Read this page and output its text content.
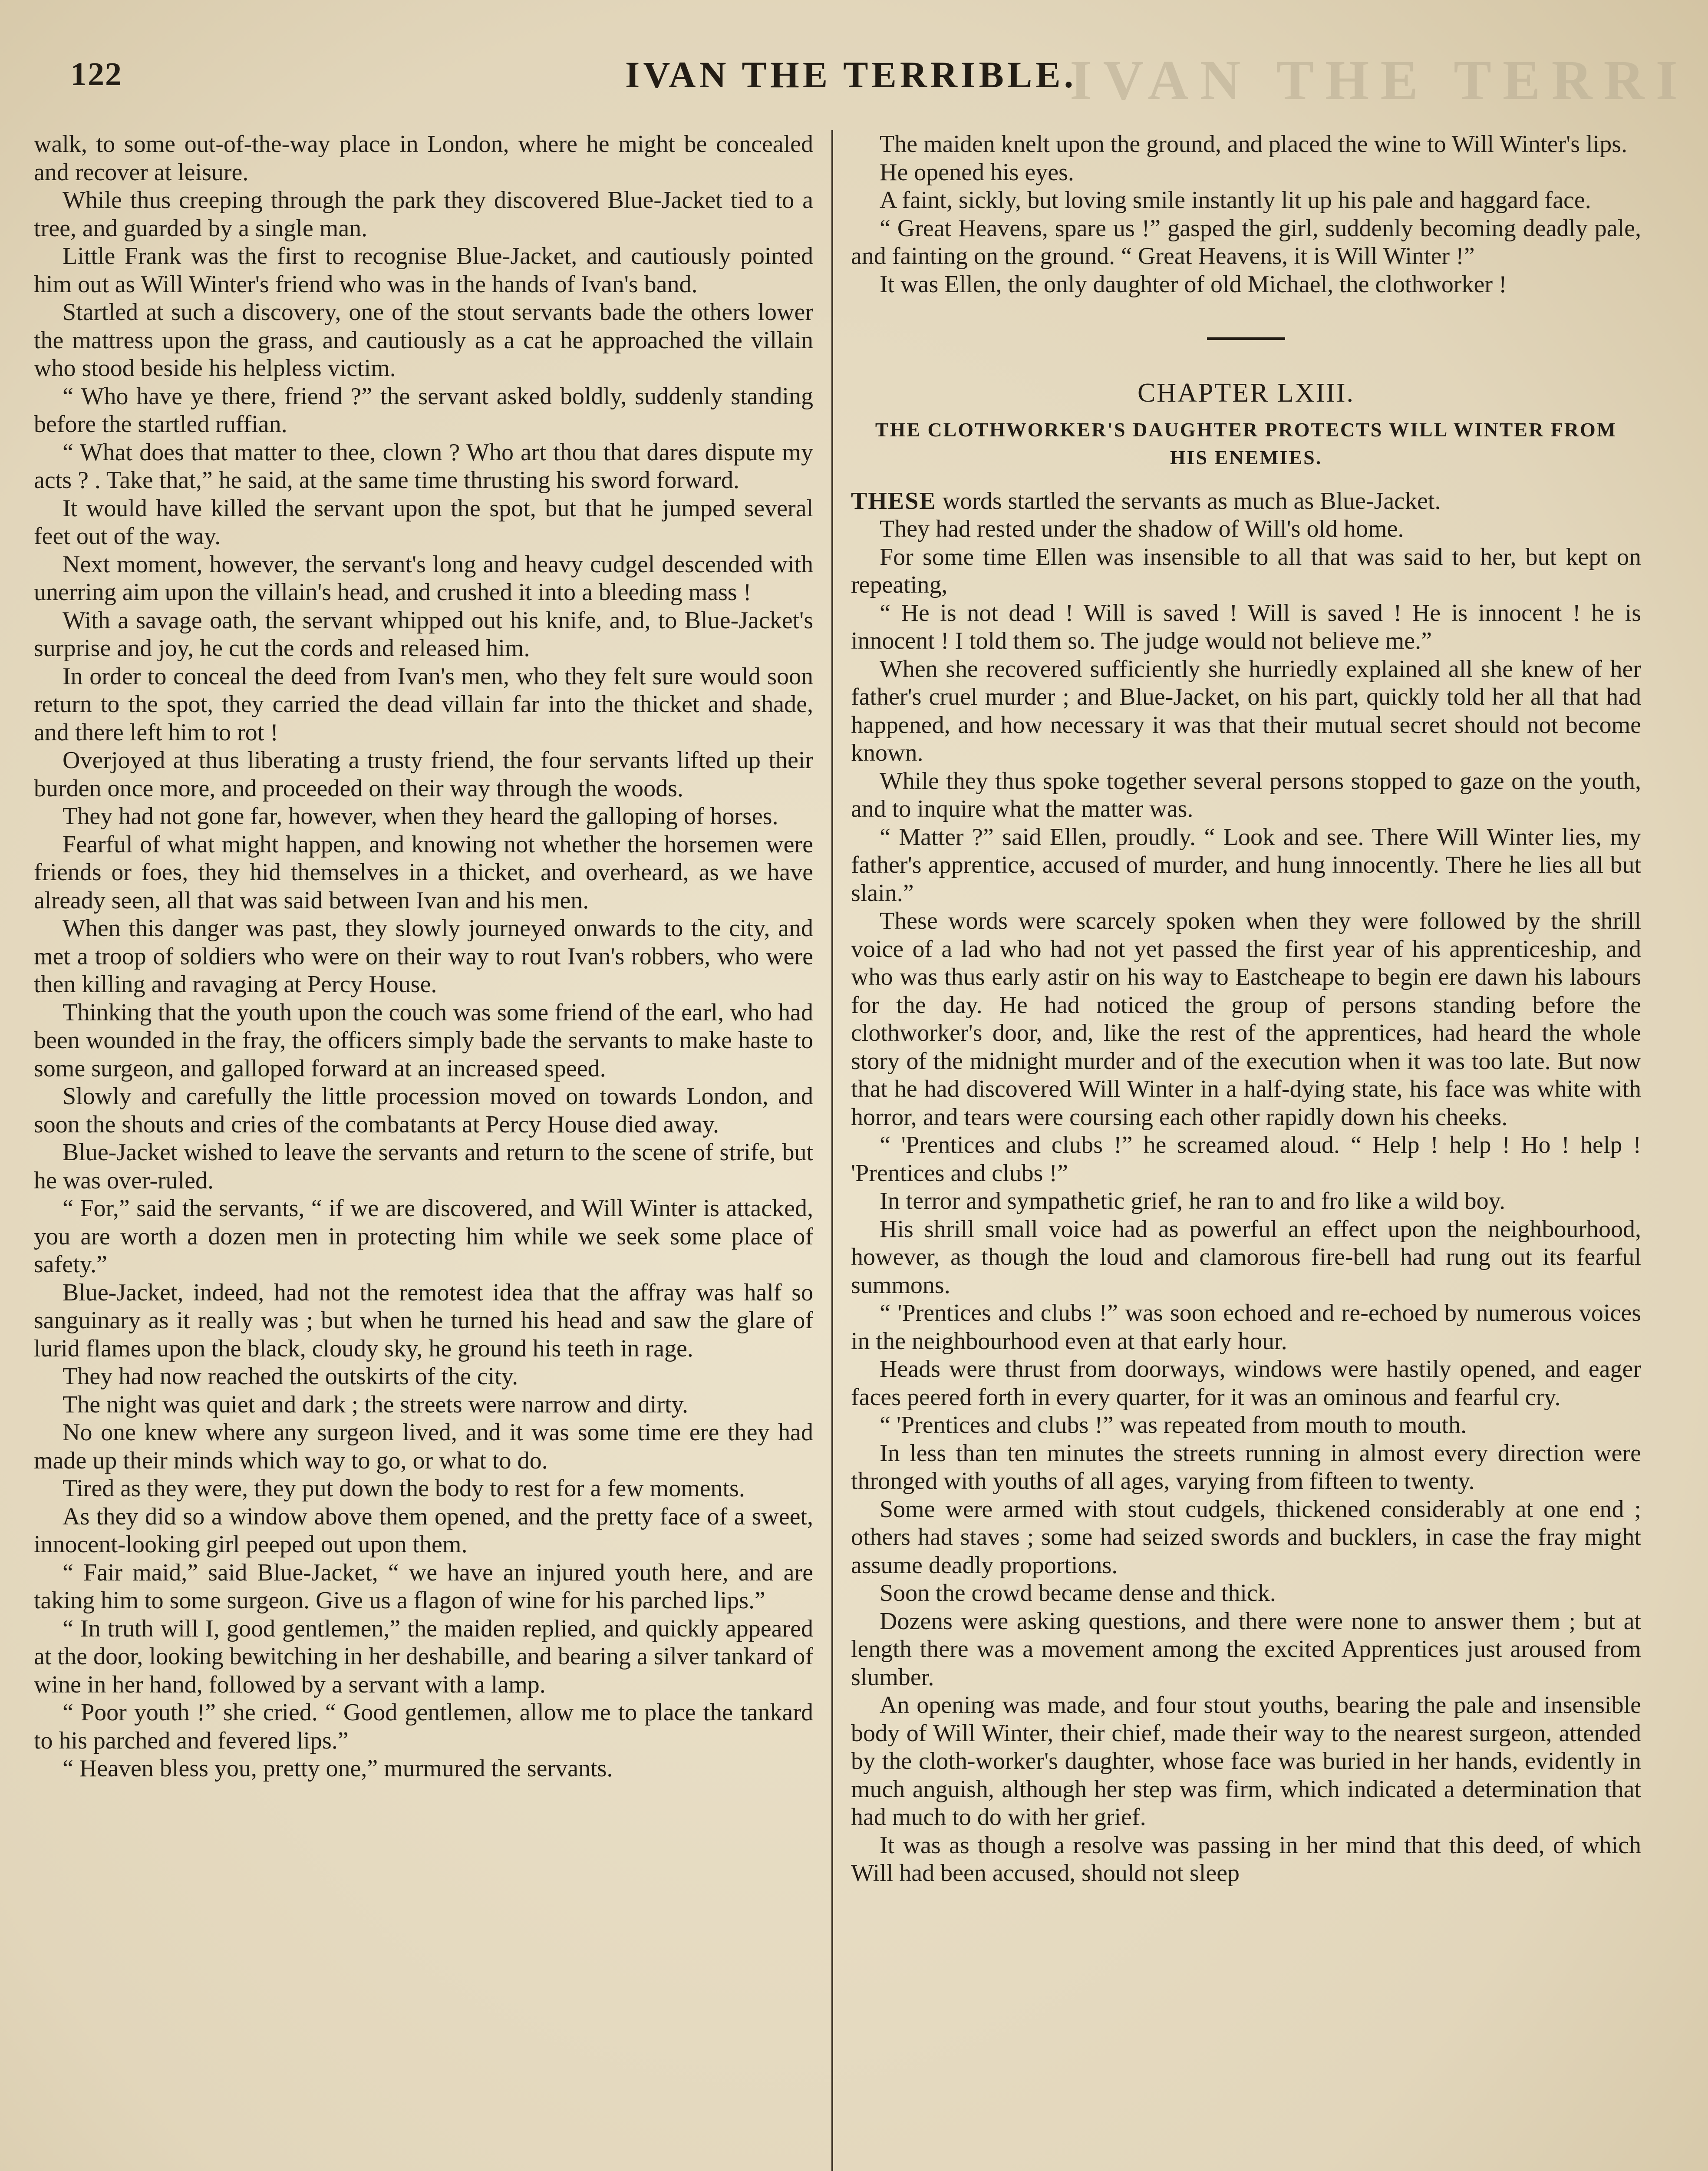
122	IVAN THE TERRIBLE.
IVAN THE TERRI

walk, to some out-of-the-way place in London, where he might be concealed and recover at leisure.

While thus creeping through the park they discovered Blue-Jacket tied to a tree, and guarded by a single man.

Little Frank was the first to recognise Blue-Jacket, and cautiously pointed him out as Will Winter's friend who was in the hands of Ivan's band.

Startled at such a discovery, one of the stout servants bade the others lower the mattress upon the grass, and cautiously as a cat he approached the villain who stood beside his helpless victim.

“ Who have ye there, friend ?” the servant asked boldly, suddenly standing before the startled ruffian.

“ What does that matter to thee, clown ? Who art thou that dares dispute my acts ? . Take that,” he said, at the same time thrusting his sword forward.

It would have killed the servant upon the spot, but that he jumped several feet out of the way.

Next moment, however, the servant's long and heavy cudgel descended with unerring aim upon the villain's head, and crushed it into a bleeding mass !

With a savage oath, the servant whipped out his knife, and, to Blue-Jacket's surprise and joy, he cut the cords and released him.

In order to conceal the deed from Ivan's men, who they felt sure would soon return to the spot, they carried the dead villain far into the thicket and shade, and there left him to rot !

Overjoyed at thus liberating a trusty friend, the four servants lifted up their burden once more, and proceeded on their way through the woods.

They had not gone far, however, when they heard the galloping of horses.

Fearful of what might happen, and knowing not whether the horsemen were friends or foes, they hid themselves in a thicket, and overheard, as we have already seen, all that was said between Ivan and his men.

When this danger was past, they slowly journeyed onwards to the city, and met a troop of soldiers who were on their way to rout Ivan's robbers, who were then killing and ravaging at Percy House.

Thinking that the youth upon the couch was some friend of the earl, who had been wounded in the fray, the officers simply bade the servants to make haste to some surgeon, and galloped forward at an increased speed.

Slowly and carefully the little procession moved on towards London, and soon the shouts and cries of the combatants at Percy House died away.

Blue-Jacket wished to leave the servants and return to the scene of strife, but he was over-ruled.

“ For,” said the servants, “ if we are discovered, and Will Winter is attacked, you are worth a dozen men in protecting him while we seek some place of safety.”

Blue-Jacket, indeed, had not the remotest idea that the affray was half so sanguinary as it really was ; but when he turned his head and saw the glare of lurid flames upon the black, cloudy sky, he ground his teeth in rage.

They had now reached the outskirts of the city.

The night was quiet and dark ; the streets were narrow and dirty.

No one knew where any surgeon lived, and it was some time ere they had made up their minds which way to go, or what to do.

Tired as they were, they put down the body to rest for a few moments.

As they did so a window above them opened, and the pretty face of a sweet, innocent-looking girl peeped out upon them.

“ Fair maid,” said Blue-Jacket, “ we have an injured youth here, and are taking him to some surgeon. Give us a flagon of wine for his parched lips.”

“ In truth will I, good gentlemen,” the maiden replied, and quickly appeared at the door, looking bewitching in her deshabille, and bearing a silver tankard of wine in her hand, followed by a servant with a lamp.

“ Poor youth !” she cried. “ Good gentlemen, allow me to place the tankard to his parched and fevered lips.”

“ Heaven bless you, pretty one,” murmured the servants.

The maiden knelt upon the ground, and placed the wine to Will Winter's lips.

He opened his eyes.

A faint, sickly, but loving smile instantly lit up his pale and haggard face.

“ Great Heavens, spare us !” gasped the girl, suddenly becoming deadly pale, and fainting on the ground. “ Great Heavens, it is Will Winter !”

It was Ellen, the only daughter of old Michael, the clothworker !

CHAPTER LXIII.
THE CLOTHWORKER'S DAUGHTER PROTECTS WILL WINTER FROM HIS ENEMIES.

THESE words startled the servants as much as Blue-Jacket.

They had rested under the shadow of Will's old home.

For some time Ellen was insensible to all that was said to her, but kept on repeating,

“ He is not dead ! Will is saved ! Will is saved ! He is innocent ! he is innocent ! I told them so. The judge would not believe me.”

When she recovered sufficiently she hurriedly explained all she knew of her father's cruel murder ; and Blue-Jacket, on his part, quickly told her all that had happened, and how necessary it was that their mutual secret should not become known.

While they thus spoke together several persons stopped to gaze on the youth, and to inquire what the matter was.

“ Matter ?” said Ellen, proudly. “ Look and see. There Will Winter lies, my father's apprentice, accused of murder, and hung innocently. There he lies all but slain.”

These words were scarcely spoken when they were followed by the shrill voice of a lad who had not yet passed the first year of his apprenticeship, and who was thus early astir on his way to Eastcheape to begin ere dawn his labours for the day. He had noticed the group of persons standing before the clothworker's door, and, like the rest of the apprentices, had heard the whole story of the midnight murder and of the execution when it was too late. But now that he had discovered Will Winter in a half-dying state, his face was white with horror, and tears were coursing each other rapidly down his cheeks.

“ 'Prentices and clubs !” he screamed aloud. “ Help ! help ! Ho ! help ! 'Prentices and clubs !”

In terror and sympathetic grief, he ran to and fro like a wild boy.

His shrill small voice had as powerful an effect upon the neighbourhood, however, as though the loud and clamorous fire-bell had rung out its fearful summons.

“ 'Prentices and clubs !” was soon echoed and re-echoed by numerous voices in the neighbourhood even at that early hour.

Heads were thrust from doorways, windows were hastily opened, and eager faces peered forth in every quarter, for it was an ominous and fearful cry.

“ 'Prentices and clubs !” was repeated from mouth to mouth.

In less than ten minutes the streets running in almost every direction were thronged with youths of all ages, varying from fifteen to twenty.

Some were armed with stout cudgels, thickened considerably at one end ; others had staves ; some had seized swords and bucklers, in case the fray might assume deadly proportions.

Soon the crowd became dense and thick.

Dozens were asking questions, and there were none to answer them ; but at length there was a movement among the excited Apprentices just aroused from slumber.

An opening was made, and four stout youths, bearing the pale and insensible body of Will Winter, their chief, made their way to the nearest surgeon, attended by the cloth-worker's daughter, whose face was buried in her hands, evidently in much anguish, although her step was firm, which indicated a determination that had much to do with her grief.

It was as though a resolve was passing in her mind that this deed, of which Will had been accused, should not sleep
